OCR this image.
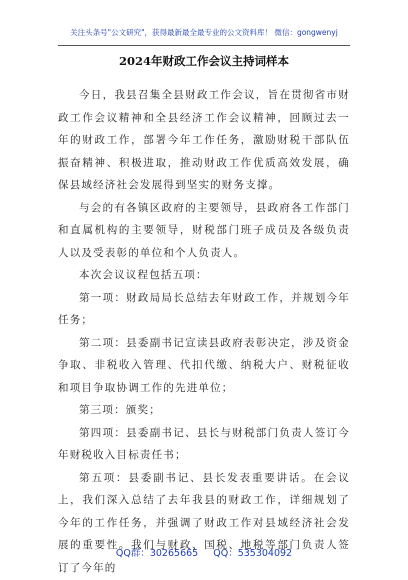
关注头条号"公文研究"，获得最新最全最专业的公文资料库！ 微信：gongwenyj
2024年财政工作会议主持词样本

今日，我县召集全县财政工作会议，旨在贯彻省市财政工作会议精神和全县经济工作会议精神，回顾过去一年的财政工作，部署今年工作任务，激励财税干部队伍振奋精神、积极进取，推动财政工作优质高效发展，确保县域经济社会发展得到坚实的财务支撑。

与会的有各镇区政府的主要领导，县政府各工作部门和直属机构的主要领导，财税部门班子成员及各级负责人以及受表彰的单位和个人负责人。

本次会议议程包括五项：

第一项：财政局局长总结去年财政工作，并规划今年任务；

第二项：县委副书记宣读县政府表彰决定，涉及资金争取、非税收入管理、代扣代缴、纳税大户、财税征收和项目争取协调工作的先进单位；

第三项：颁奖；

第四项：县委副书记、县长与财税部门负责人签订今年财税收入目标责任书；

第五项：县委副书记、县长发表重要讲话。在会议上，我们深入总结了去年我县的财政工作，详细规划了今年的工作任务，并强调了财政工作对县域经济社会发展的重要性。我们与财政、国税、地税等部门负责人签订了今年的

QQ群：30265665 QQ：535304092
